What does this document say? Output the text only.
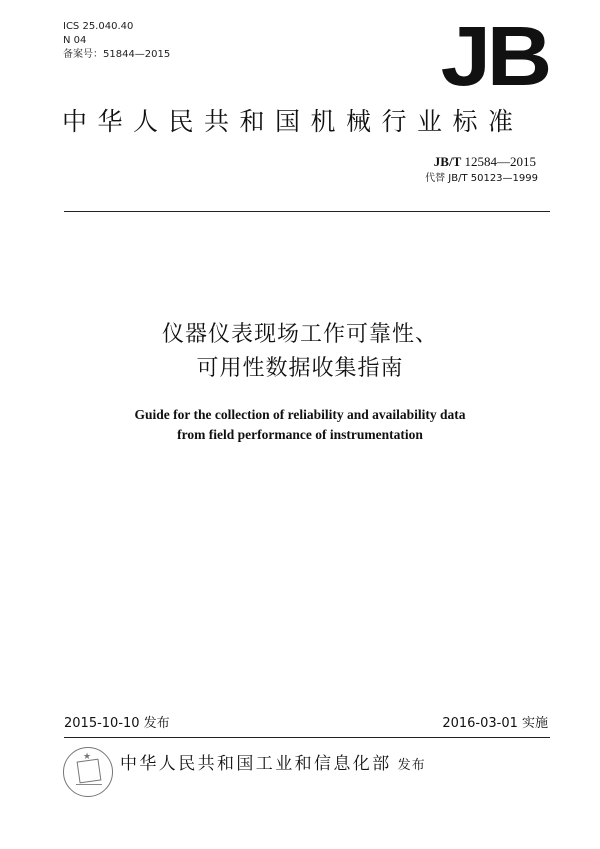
ICS 25.040.40
N 04
备案号：51844—2015	JB
中华人民共和国机械行业标准
JB/T 12584—2015
代替 JB/T 50123—1999
仪器仪表现场工作可靠性、
可用性数据收集指南
Guide for the collection of reliability and availability data
from field performance of instrumentation
2015-10-10 发布	2016-03-01 实施
★ 中华人民共和国工业和信息化部 发布
